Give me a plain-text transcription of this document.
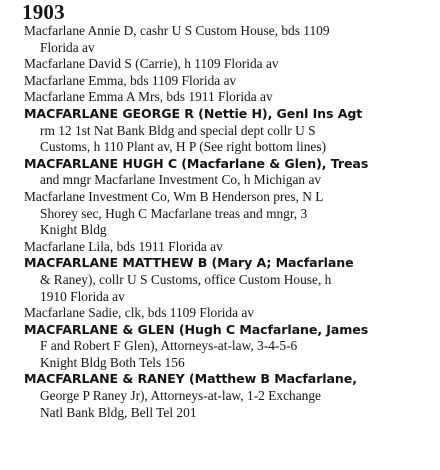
1903
Macfarlane Annie D, cashr U S Custom House, bds 1109
Florida av
Macfarlane David S (Carrie), h 1109 Florida av
Macfarlane Emma, bds 1109 Florida av
Macfarlane Emma A Mrs, bds 1911 Florida av
MACFARLANE GEORGE R (Nettie H), Genl Ins Agt
rm 12 1st Nat Bank Bldg and special dept collr U S
Customs, h 110 Plant av, H P (See right bottom lines)
MACFARLANE HUGH C (Macfarlane & Glen), Treas
and mngr Macfarlane Investment Co, h Michigan av
Macfarlane Investment Co, Wm B Henderson pres, N L
Shorey sec, Hugh C Macfarlane treas and mngr, 3
Knight Bldg
Macfarlane Lila, bds 1911 Florida av
MACFARLANE MATTHEW B (Mary A; Macfarlane
& Raney), collr U S Customs, office Custom House, h
1910 Florida av
Macfarlane Sadie, clk, bds 1109 Florida av
MACFARLANE & GLEN (Hugh C Macfarlane, James
F and Robert F Glen), Attorneys-at-law, 3-4-5-6
Knight Bldg Both Tels 156
MACFARLANE & RANEY (Matthew B Macfarlane,
George P Raney Jr), Attorneys-at-law, 1-2 Exchange
Natl Bank Bldg, Bell Tel 201
